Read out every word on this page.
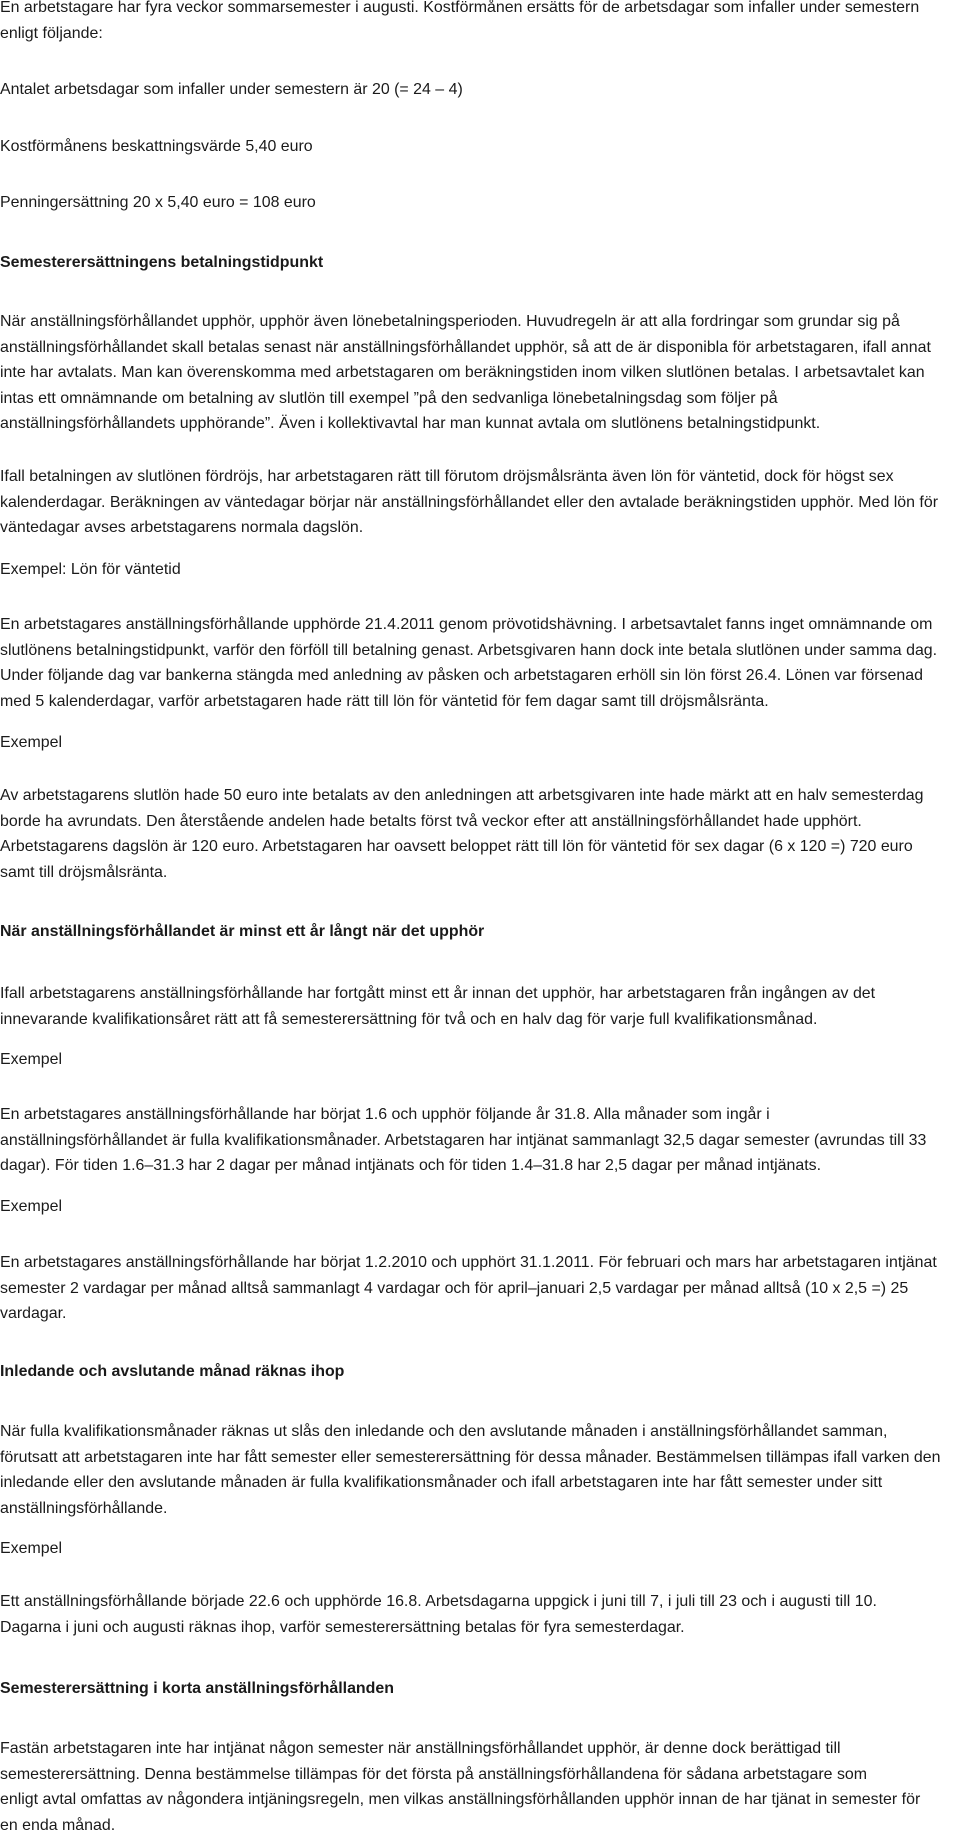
En arbetstagare har fyra veckor sommarsemester i augusti. Kostförmånen ersätts för de arbetsdagar som infaller under semestern
enligt följande:
Antalet arbetsdagar som infaller under semestern är 20 (= 24 – 4)
Kostförmånens beskattningsvärde 5,40 euro
Penningersättning 20 x 5,40 euro = 108 euro
Semesterersättningens betalningstidpunkt
När anställningsförhållandet upphör, upphör även lönebetalningsperioden. Huvudregeln är att alla fordringar som grundar sig på
anställningsförhållandet skall betalas senast när anställningsförhållandet upphör, så att de är disponibla för arbetstagaren, ifall annat
inte har avtalats. Man kan överenskomma med arbetstagaren om beräkningstiden inom vilken slutlönen betalas. I arbetsavtalet kan
intas ett omnämnande om betalning av slutlön till exempel ”på den sedvanliga lönebetalningsdag som följer på
anställningsförhållandets upphörande”. Även i kollektivavtal har man kunnat avtala om slutlönens betalningstidpunkt.
Ifall betalningen av slutlönen fördröjs, har arbetstagaren rätt till förutom dröjsmålsränta även lön för väntetid, dock för högst sex
kalenderdagar. Beräkningen av väntedagar börjar när anställningsförhållandet eller den avtalade beräkningstiden upphör. Med lön för
väntedagar avses arbetstagarens normala dagslön.
Exempel: Lön för väntetid
En arbetstagares anställningsförhållande upphörde 21.4.2011 genom prövotidshävning. I arbetsavtalet fanns inget omnämnande om
slutlönens betalningstidpunkt, varför den förföll till betalning genast. Arbetsgivaren hann dock inte betala slutlönen under samma dag.
Under följande dag var bankerna stängda med anledning av påsken och arbetstagaren erhöll sin lön först 26.4. Lönen var försenad
med 5 kalenderdagar, varför arbetstagaren hade rätt till lön för väntetid för fem dagar samt till dröjsmålsränta.
Exempel
Av arbetstagarens slutlön hade 50 euro inte betalats av den anledningen att arbetsgivaren inte hade märkt att en halv semesterdag
borde ha avrundats. Den återstående andelen hade betalts först två veckor efter att anställningsförhållandet hade upphört.
Arbetstagarens dagslön är 120 euro. Arbetstagaren har oavsett beloppet rätt till lön för väntetid för sex dagar (6 x 120 =) 720 euro
samt till dröjsmålsränta.
När anställningsförhållandet är minst ett år långt när det upphör
Ifall arbetstagarens anställningsförhållande har fortgått minst ett år innan det upphör, har arbetstagaren från ingången av det
innevarande kvalifikationsåret rätt att få semesterersättning för två och en halv dag för varje full kvalifikationsmånad.
Exempel
En arbetstagares anställningsförhållande har börjat 1.6 och upphör följande år 31.8. Alla månader som ingår i
anställningsförhållandet är fulla kvalifikationsmånader. Arbetstagaren har intjänat sammanlagt 32,5 dagar semester (avrundas till 33
dagar). För tiden 1.6–31.3 har 2 dagar per månad intjänats och för tiden 1.4–31.8 har 2,5 dagar per månad intjänats.
Exempel
En arbetstagares anställningsförhållande har börjat 1.2.2010 och upphört 31.1.2011. För februari och mars har arbetstagaren intjänat
semester 2 vardagar per månad alltså sammanlagt 4 vardagar och för april–januari 2,5 vardagar per månad alltså (10 x 2,5 =) 25
vardagar.
Inledande och avslutande månad räknas ihop
När fulla kvalifikationsmånader räknas ut slås den inledande och den avslutande månaden i anställningsförhållandet samman,
förutsatt att arbetstagaren inte har fått semester eller semesterersättning för dessa månader. Bestämmelsen tillämpas ifall varken den
inledande eller den avslutande månaden är fulla kvalifikationsmånader och ifall arbetstagaren inte har fått semester under sitt
anställningsförhållande.
Exempel
Ett anställningsförhållande började 22.6 och upphörde 16.8. Arbetsdagarna uppgick i juni till 7, i juli till 23 och i augusti till 10.
Dagarna i juni och augusti räknas ihop, varför semesterersättning betalas för fyra semesterdagar.
Semesterersättning i korta anställningsförhållanden
Fastän arbetstagaren inte har intjänat någon semester när anställningsförhållandet upphör, är denne dock berättigad till
semesterersättning. Denna bestämmelse tillämpas för det första på anställningsförhållandena för sådana arbetstagare som
enligt avtal omfattas av någondera intjäningsregeln, men vilkas anställningsförhållanden upphör innan de har tjänat in semester för
en enda månad.
